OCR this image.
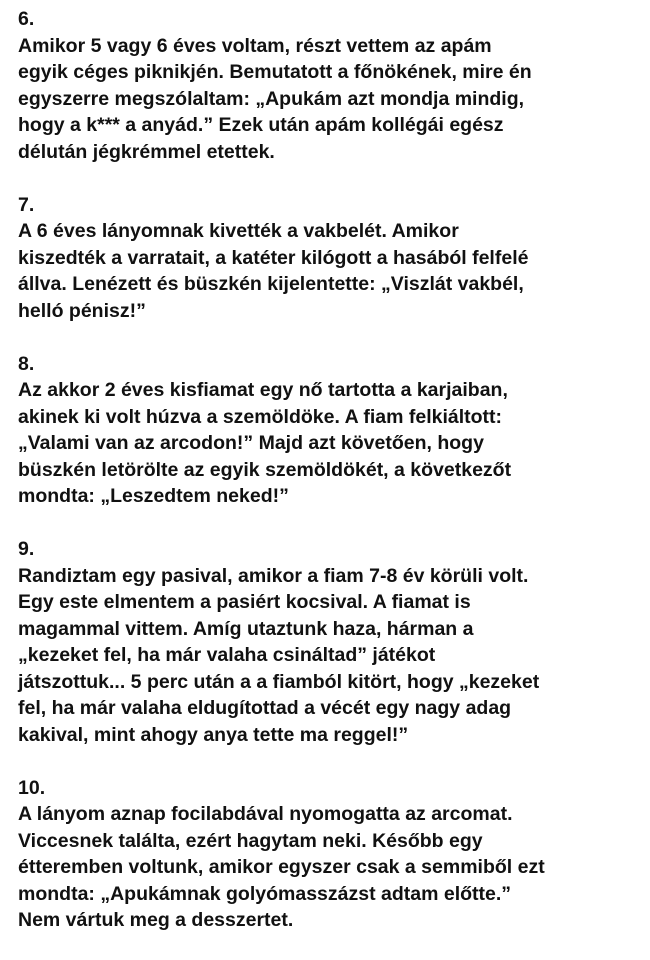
6.
Amikor 5 vagy 6 éves voltam, részt vettem az apám
egyik céges piknikjén. Bemutatott a főnökének, mire én
egyszerre megszólaltam: „Apukám azt mondja mindig,
hogy a k*** a anyád.” Ezek után apám kollégái egész
délután jégkrémmel etettek.
7.
A 6 éves lányomnak kivették a vakbelét. Amikor
kiszedték a varratait, a katéter kilógott a hasából felfelé
állva. Lenézett és büszkén kijelentette: „Viszlát vakbél,
helló pénisz!”
8.
Az akkor 2 éves kisfiamat egy nő tartotta a karjaiban,
akinek ki volt húzva a szemöldöke. A fiam felkiáltott:
„Valami van az arcodon!” Majd azt követően, hogy
büszkén letörölte az egyik szemöldökét, a következőt
mondta: „Leszedtem neked!”
9.
Randiztam egy pasival, amikor a fiam 7-8 év körüli volt.
Egy este elmentem a pasiért kocsival. A fiamat is
magammal vittem. Amíg utaztunk haza, hárman a
„kezeket fel, ha már valaha csináltad” játékot
játszottuk... 5 perc után a a fiamból kitört, hogy „kezeket
fel, ha már valaha eldugítottad a vécét egy nagy adag
kakival, mint ahogy anya tette ma reggel!”
10.
A lányom aznap focilabdával nyomogatta az arcomat.
Viccesnek találta, ezért hagytam neki. Később egy
étteremben voltunk, amikor egyszer csak a semmiből ezt
mondta: „Apukámnak golyómasszázst adtam előtte.”
Nem vártuk meg a desszertet.
